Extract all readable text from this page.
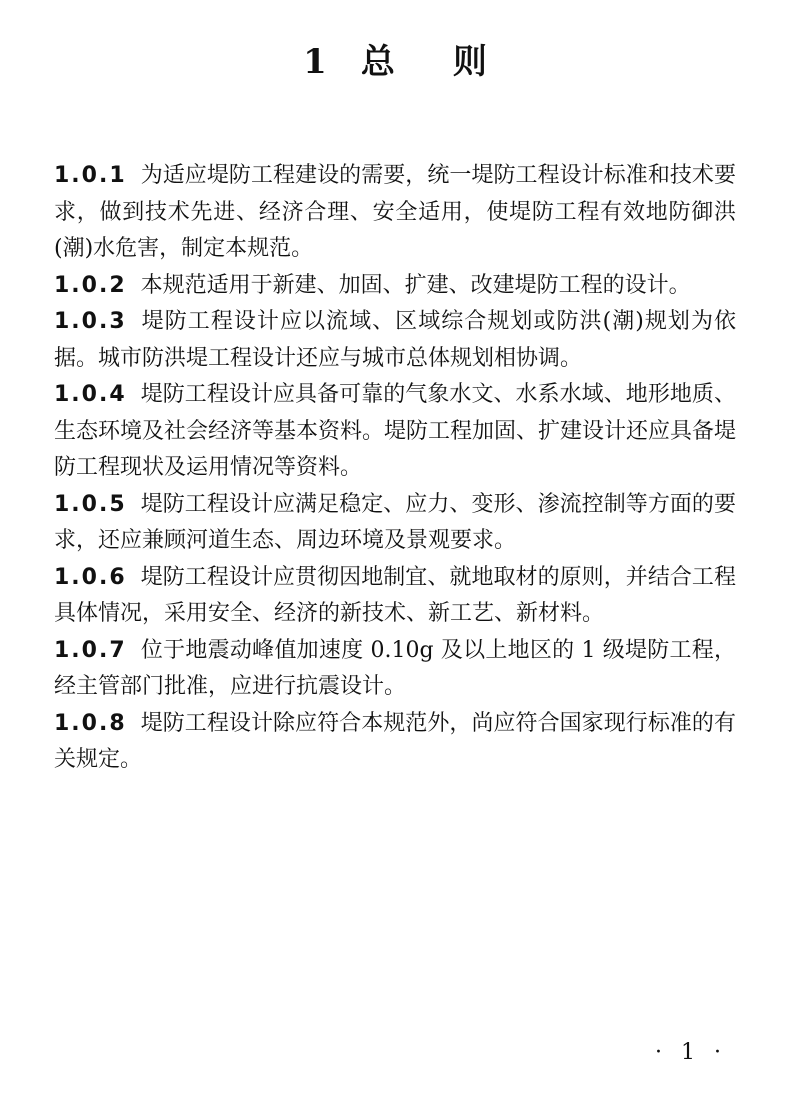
1 总 则

1.0.1 为适应堤防工程建设的需要，统一堤防工程设计标准和技术要求，做到技术先进、经济合理、安全适用，使堤防工程有效地防御洪(潮)水危害，制定本规范。

1.0.2 本规范适用于新建、加固、扩建、改建堤防工程的设计。

1.0.3 堤防工程设计应以流域、区域综合规划或防洪(潮)规划为依据。城市防洪堤工程设计还应与城市总体规划相协调。

1.0.4 堤防工程设计应具备可靠的气象水文、水系水域、地形地质、生态环境及社会经济等基本资料。堤防工程加固、扩建设计还应具备堤防工程现状及运用情况等资料。

1.0.5 堤防工程设计应满足稳定、应力、变形、渗流控制等方面的要求，还应兼顾河道生态、周边环境及景观要求。

1.0.6 堤防工程设计应贯彻因地制宜、就地取材的原则，并结合工程具体情况，采用安全、经济的新技术、新工艺、新材料。

1.0.7 位于地震动峰值加速度 0.10g 及以上地区的 1 级堤防工程，经主管部门批准，应进行抗震设计。

1.0.8 堤防工程设计除应符合本规范外，尚应符合国家现行标准的有关规定。

· 1 ·
